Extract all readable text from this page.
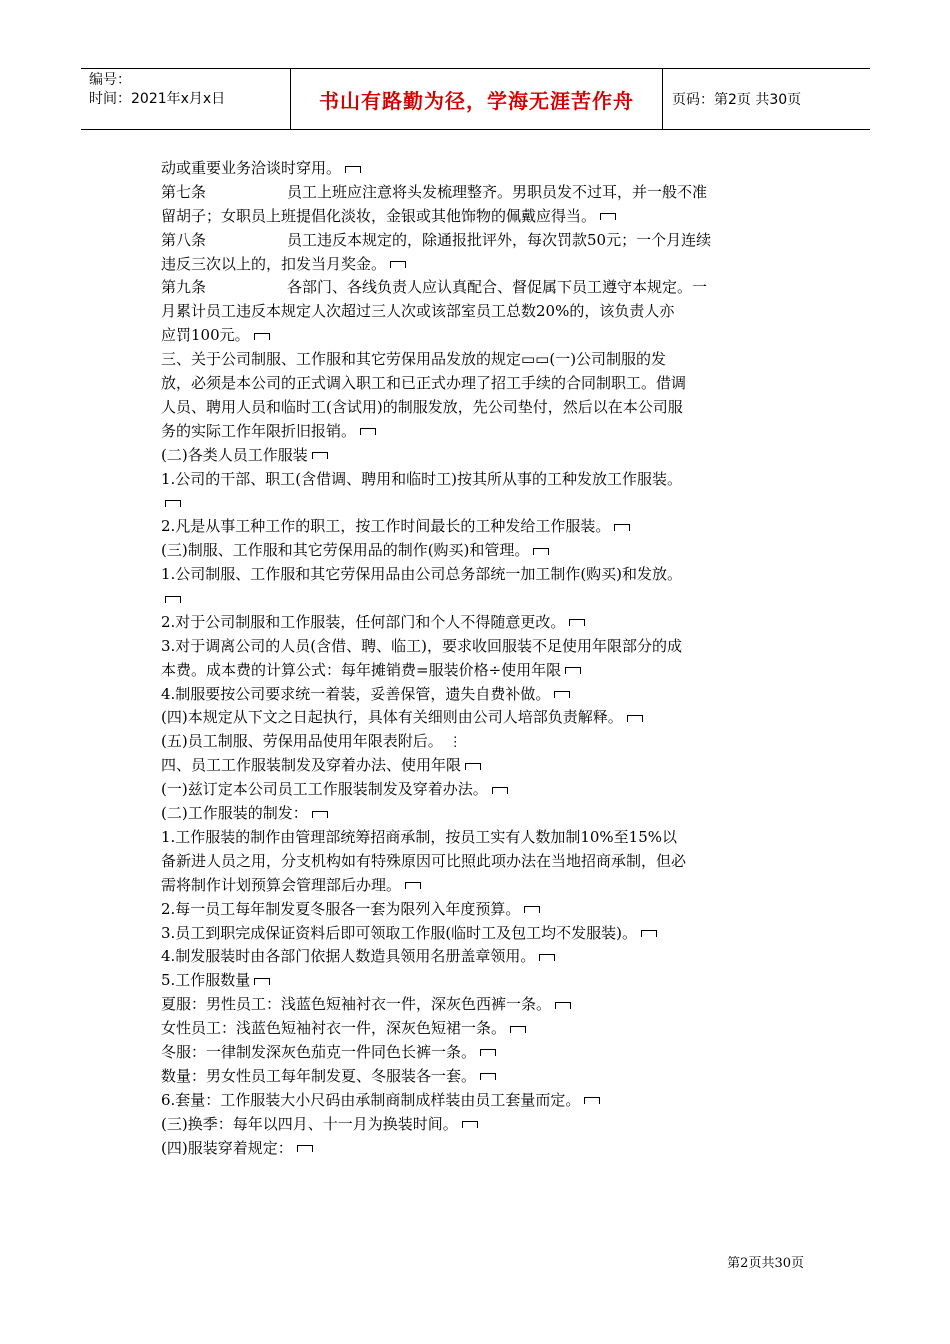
编号：
时间：2021年x月x日	书山有路勤为径，学海无涯苦作舟	页码：第2页 共30页
动或重要业务洽谈时穿用。
第七条	员工上班应注意将头发梳理整齐。男职员发不过耳，并一般不准
留胡子；女职员上班提倡化淡妆，金银或其他饰物的佩戴应得当。
第八条	员工违反本规定的，除通报批评外，每次罚款50元；一个月连续
违反三次以上的，扣发当月奖金。
第九条	各部门、各线负责人应认真配合、督促属下员工遵守本规定。一
月累计员工违反本规定人次超过三人次或该部室员工总数20%的，该负责人亦
应罚100元。
三、关于公司制服、工作服和其它劳保用品发放的规定▭▭(一)公司制服的发
放，必须是本公司的正式调入职工和已正式办理了招工手续的合同制职工。借调
人员、聘用人员和临时工(含试用)的制服发放，先公司垫付，然后以在本公司服
务的实际工作年限折旧报销。
(二)各类人员工作服装
1.公司的干部、职工(含借调、聘用和临时工)按其所从事的工种发放工作服装。
2.凡是从事工种工作的职工，按工作时间最长的工种发给工作服装。
(三)制服、工作服和其它劳保用品的制作(购买)和管理。
1.公司制服、工作服和其它劳保用品由公司总务部统一加工制作(购买)和发放。
2.对于公司制服和工作服装，任何部门和个人不得随意更改。
3.对于调离公司的人员(含借、聘、临工)，要求收回服装不足使用年限部分的成
本费。成本费的计算公式：每年摊销费=服装价格÷使用年限
4.制服要按公司要求统一着装，妥善保管，遗失自费补做。
(四)本规定从下文之日起执行，具体有关细则由公司人培部负责解释。
(五)员工制服、劳保用品使用年限表附后。 ⋮
四、员工工作服装制发及穿着办法、使用年限
(一)兹订定本公司员工工作服装制发及穿着办法。
(二)工作服装的制发：
1.工作服装的制作由管理部统筹招商承制，按员工实有人数加制10%至15%以
备新进人员之用，分支机构如有特殊原因可比照此项办法在当地招商承制，但必
需将制作计划预算会管理部后办理。
2.每一员工每年制发夏冬服各一套为限列入年度预算。
3.员工到职完成保证资料后即可领取工作服(临时工及包工均不发服装)。
4.制发服装时由各部门依据人数造具领用名册盖章领用。
5.工作服数量
夏服：男性员工：浅蓝色短袖衬衣一件，深灰色西裤一条。
女性员工：浅蓝色短袖衬衣一件，深灰色短裙一条。
冬服：一律制发深灰色茄克一件同色长裤一条。
数量：男女性员工每年制发夏、冬服装各一套。
6.套量：工作服装大小尺码由承制商制成样装由员工套量而定。
(三)换季：每年以四月、十一月为换装时间。
(四)服装穿着规定：
第2页共30页
